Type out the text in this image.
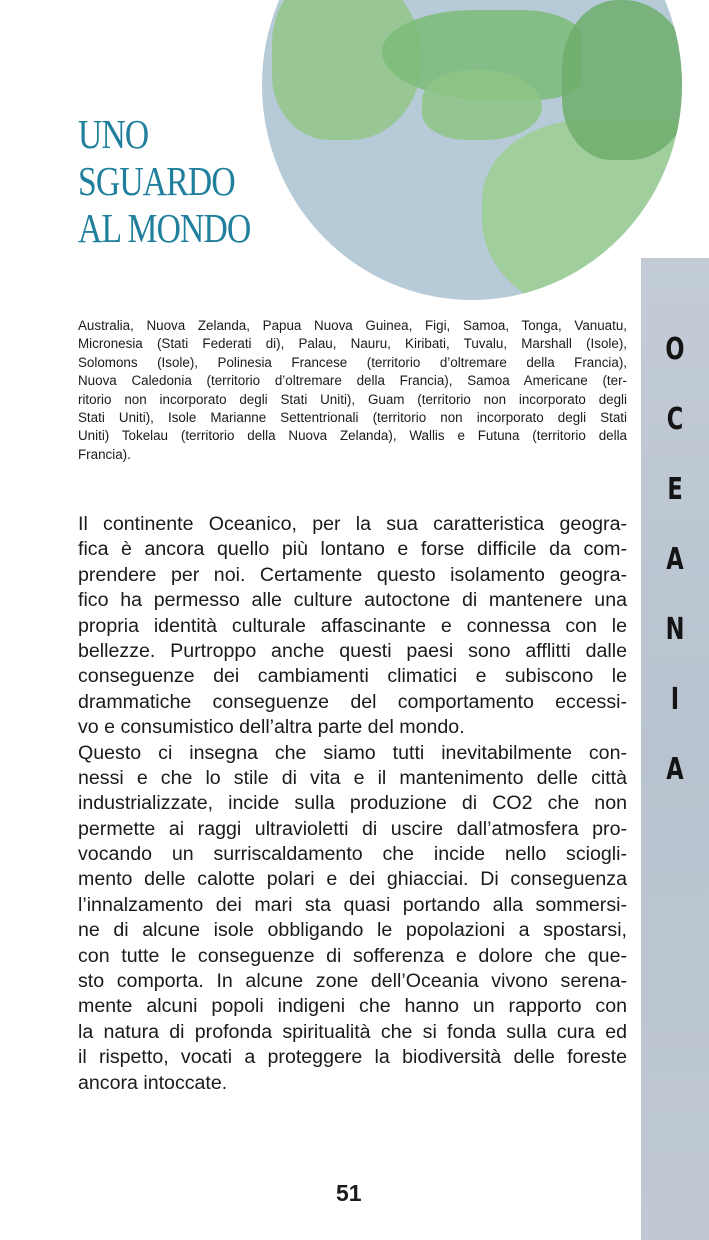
UNO
SGUARDO
AL MONDO
O
C
E
A
N
I
A
Australia, Nuova Zelanda, Papua Nuova Guinea, Figi, Samoa, Tonga, Vanuatu,
Micronesia (Stati Federati di), Palau, Nauru, Kiribati, Tuvalu, Marshall (Isole),
Solomons (Isole), Polinesia Francese (territorio d’oltremare della Francia),
Nuova Caledonia (territorio d’oltremare della Francia), Samoa Americane (ter-
ritorio non incorporato degli Stati Uniti), Guam (territorio non incorporato degli
Stati Uniti), Isole Marianne Settentrionali (territorio non incorporato degli Stati
Uniti) Tokelau (territorio della Nuova Zelanda), Wallis e Futuna (territorio della
Francia).
Il continente Oceanico, per la sua caratteristica geogra-
fica è ancora quello più lontano e forse difficile da com-
prendere per noi. Certamente questo isolamento geogra-
fico ha permesso alle culture autoctone di mantenere una
propria identità culturale affascinante e connessa con le
bellezze. Purtroppo anche questi paesi sono afflitti dalle
conseguenze dei cambiamenti climatici e subiscono le
drammatiche conseguenze del comportamento eccessi-
vo e consumistico dell’altra parte del mondo.
Questo ci insegna che siamo tutti inevitabilmente con-
nessi e che lo stile di vita e il mantenimento delle città
industrializzate, incide sulla produzione di CO2 che non
permette ai raggi ultravioletti di uscire dall’atmosfera pro-
vocando un surriscaldamento che incide nello sciogli-
mento delle calotte polari e dei ghiacciai. Di conseguenza
l’innalzamento dei mari sta quasi portando alla sommersi-
ne di alcune isole obbligando le popolazioni a spostarsi,
con tutte le conseguenze di sofferenza e dolore che que-
sto comporta. In alcune zone dell’Oceania vivono serena-
mente alcuni popoli indigeni che hanno un rapporto con
la natura di profonda spiritualità che si fonda sulla cura ed
il rispetto, vocati a proteggere la biodiversità delle foreste
ancora intoccate.
51
